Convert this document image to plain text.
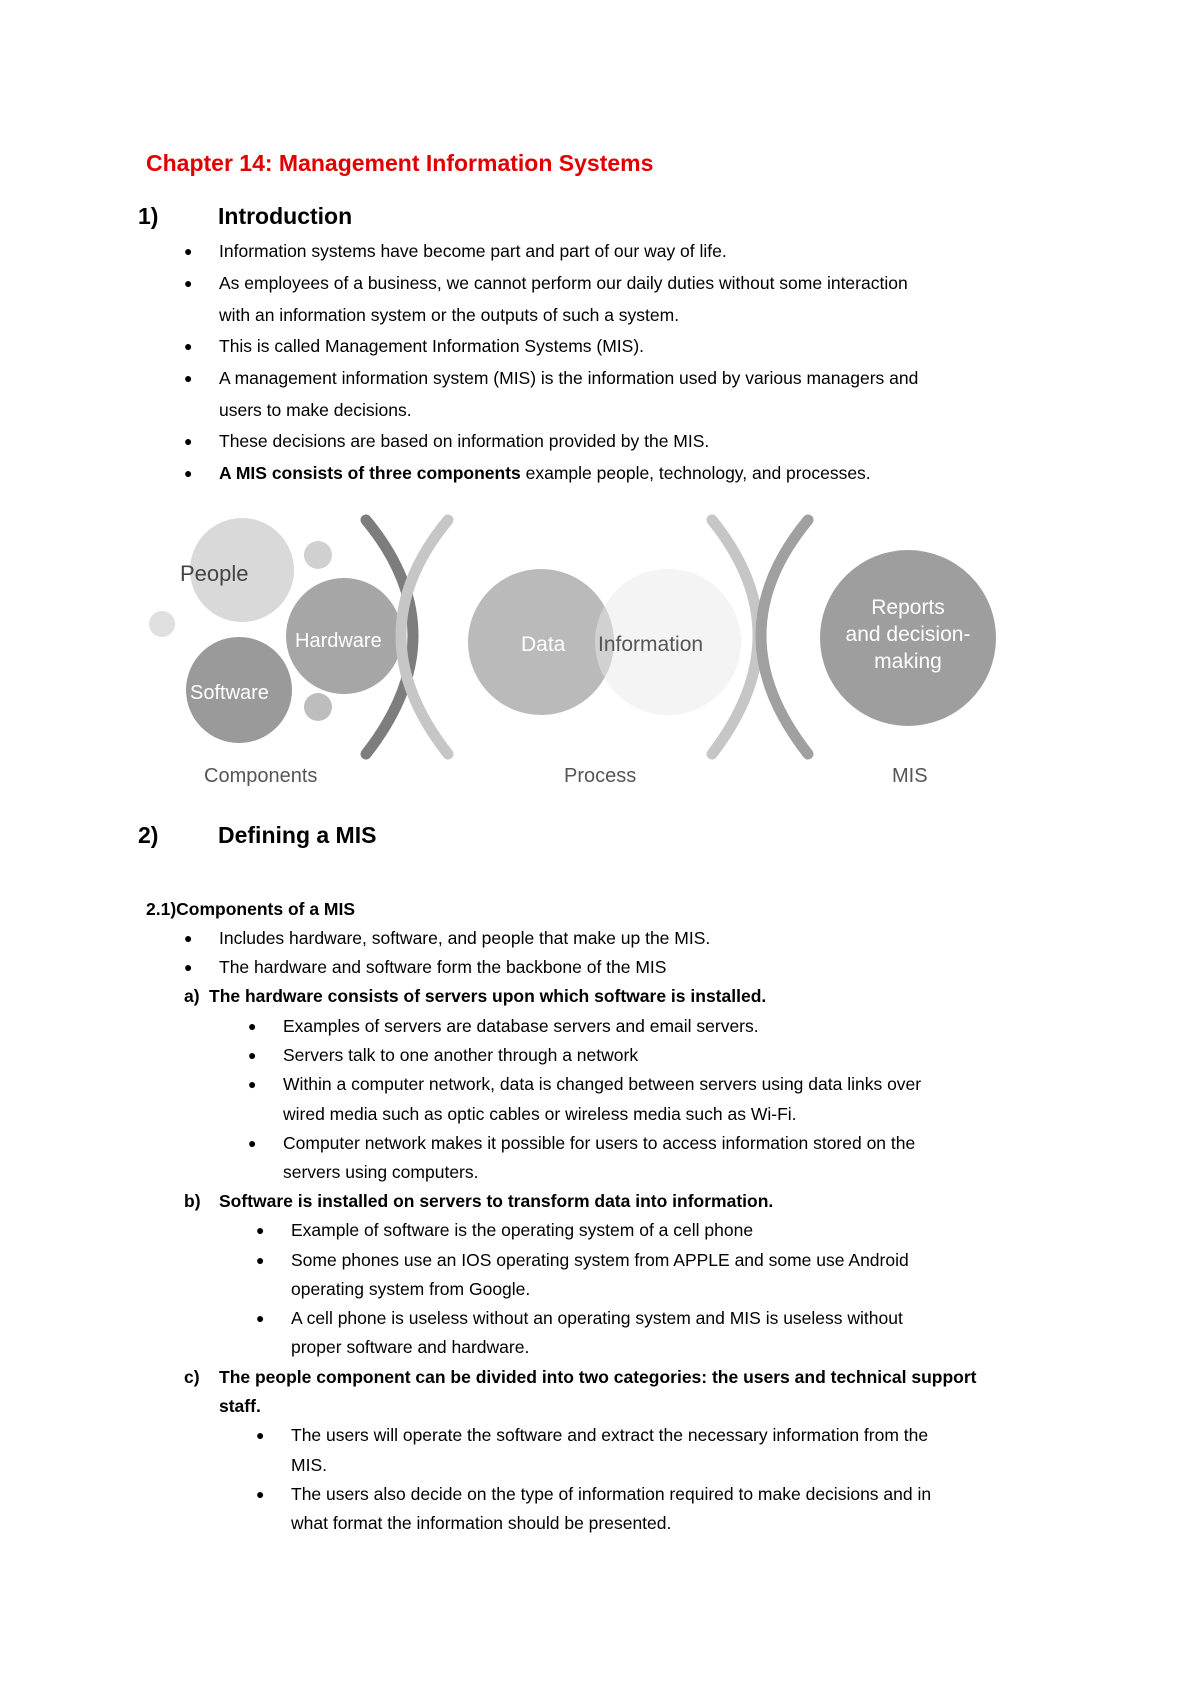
Chapter 14: Management Information Systems
1)	Introduction
● Information systems have become part and part of our way of life.
● As employees of a business, we cannot perform our daily duties without some interaction
with an information system or the outputs of such a system.
● This is called Management Information Systems (MIS).
● A management information system (MIS) is the information used by various managers and
users to make decisions.
● These decisions are based on information provided by the MIS.
● A MIS consists of three components example people, technology, and processes.
People
Hardware
Software
Data Information
Reports
and decision-
making
Components	Process	MIS
2)	Defining a MIS
2.1)Components of a MIS
● Includes hardware, software, and people that make up the MIS.
● The hardware and software form the backbone of the MIS
a) The hardware consists of servers upon which software is installed.
● Examples of servers are database servers and email servers.
● Servers talk to one another through a network
● Within a computer network, data is changed between servers using data links over
wired media such as optic cables or wireless media such as Wi-Fi.
● Computer network makes it possible for users to access information stored on the
servers using computers.
b) Software is installed on servers to transform data into information.
● Example of software is the operating system of a cell phone
● Some phones use an IOS operating system from APPLE and some use Android
operating system from Google.
● A cell phone is useless without an operating system and MIS is useless without
proper software and hardware.
c) The people component can be divided into two categories: the users and technical support
staff.
● The users will operate the software and extract the necessary information from the
MIS.
● The users also decide on the type of information required to make decisions and in
what format the information should be presented.
